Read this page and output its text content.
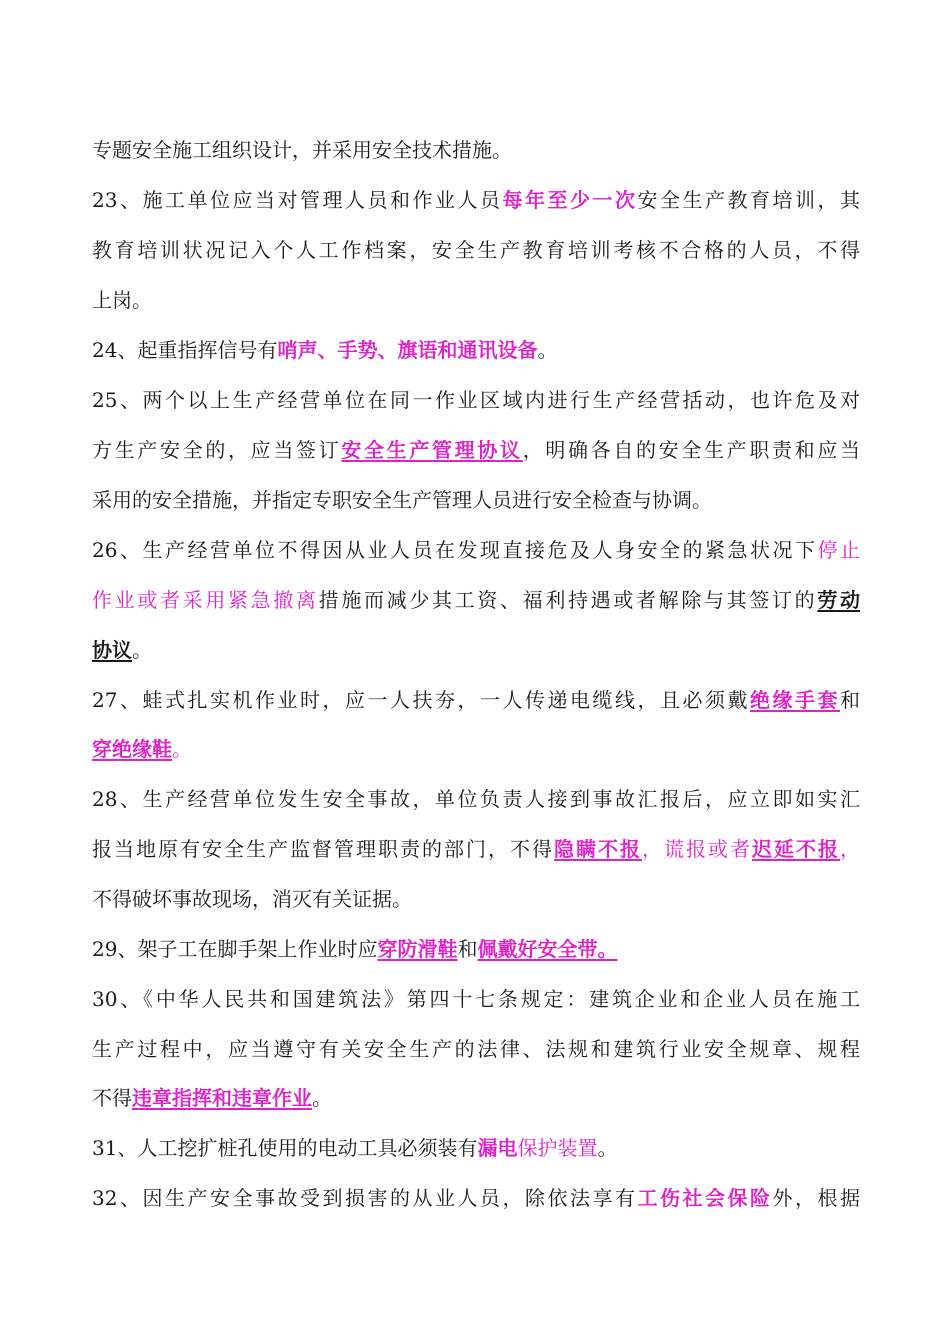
专题安全施工组织设计，并采用安全技术措施。
23、施工单位应当对管理人员和作业人员每年至少一次安全生产教育培训，其
教育培训状况记入个人工作档案，安全生产教育培训考核不合格的人员，不得
上岗。
24、起重指挥信号有哨声、手势、旗语和通讯设备。
25、两个以上生产经营单位在同一作业区域内进行生产经营括动，也许危及对
方生产安全的，应当签订安全生产管理协议，明确各自的安全生产职责和应当
采用的安全措施，并指定专职安全生产管理人员进行安全检查与协调。
26、生产经营单位不得因从业人员在发现直接危及人身安全的紧急状况下停止
作业或者采用紧急撤离措施而减少其工资、福利持遇或者解除与其签订的劳动
协议。
27、蛙式扎实机作业时，应一人扶夯，一人传递电缆线，且必须戴绝缘手套和
穿绝缘鞋。
28、生产经营单位发生安全事故，单位负责人接到事故汇报后，应立即如实汇
报当地原有安全生产监督管理职责的部门，不得隐瞒不报，谎报或者迟延不报，
不得破坏事故现场，消灭有关证据。
29、架子工在脚手架上作业时应穿防滑鞋和佩戴好安全带。
30、《中华人民共和国建筑法》第四十七条规定：建筑企业和企业人员在施工
生产过程中，应当遵守有关安全生产的法律、法规和建筑行业安全规章、规程
不得违章指挥和违章作业。
31、人工挖扩桩孔使用的电动工具必须装有漏电保护装置。
32、因生产安全事故受到损害的从业人员，除依法享有工伤社会保险外，根据
